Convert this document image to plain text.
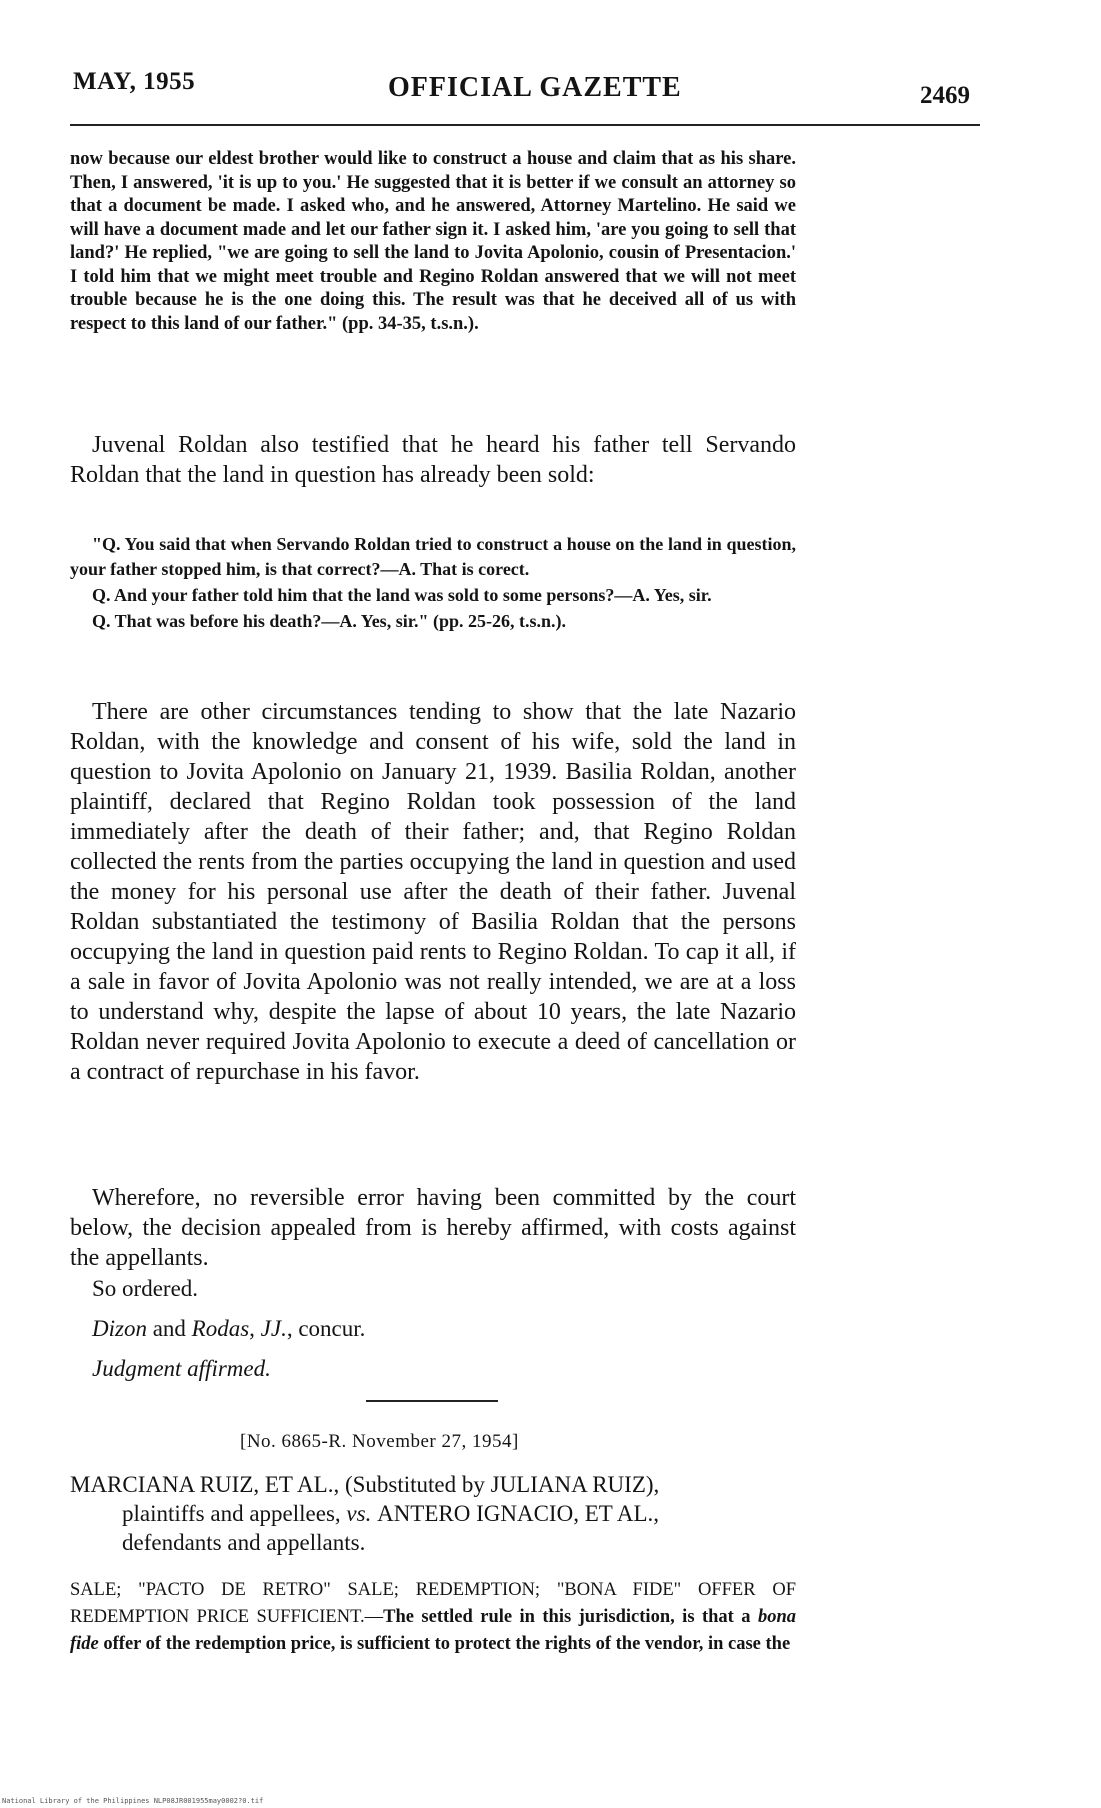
MAY, 1955	OFFICIAL GAZETTE	2469
now because our eldest brother would like to construct a house and claim that as his share. Then, I answered, 'it is up to you.' He suggested that it is better if we consult an attorney so that a document be made. I asked who, and he answered, Attorney Martelino. He said we will have a document made and let our father sign it. I asked him, 'are you going to sell that land?' He replied, "we are going to sell the land to Jovita Apolonio, cousin of Presentacion.' I told him that we might meet trouble and Regino Roldan answered that we will not meet trouble because he is the one doing this. The result was that he deceived all of us with respect to this land of our father." (pp. 34-35, t.s.n.).

Juvenal Roldan also testified that he heard his father tell Servando Roldan that the land in question has already been sold:

"Q. You said that when Servando Roldan tried to construct a house on the land in question, your father stopped him, is that correct?—A. That is corect.

Q. And your father told him that the land was sold to some persons?—A. Yes, sir.

Q. That was before his death?—A. Yes, sir." (pp. 25-26, t.s.n.).

There are other circumstances tending to show that the late Nazario Roldan, with the knowledge and consent of his wife, sold the land in question to Jovita Apolonio on January 21, 1939. Basilia Roldan, another plaintiff, declared that Regino Roldan took possession of the land immediately after the death of their father; and, that Regino Roldan collected the rents from the parties occupying the land in question and used the money for his personal use after the death of their father. Juvenal Roldan substantiated the testimony of Basilia Roldan that the persons occupying the land in question paid rents to Regino Roldan. To cap it all, if a sale in favor of Jovita Apolonio was not really intended, we are at a loss to understand why, despite the lapse of about 10 years, the late Nazario Roldan never required Jovita Apolonio to execute a deed of cancellation or a contract of repurchase in his favor.

Wherefore, no reversible error having been committed by the court below, the decision appealed from is hereby affirmed, with costs against the appellants.

So ordered.

Dizon and Rodas, JJ., concur.

Judgment affirmed.

[No. 6865-R. November 27, 1954]
MARCIANA RUIZ, ET AL., (Substituted by JULIANA RUIZ),
plaintiffs and appellees, vs. ANTERO IGNACIO, ET AL.,
defendants and appellants.
SALE; "PACTO DE RETRO" SALE; REDEMPTION; "BONA FIDE" OFFER OF REDEMPTION PRICE SUFFICIENT.—The settled rule in this jurisdiction, is that a bona fide offer of the redemption price, is sufficient to protect the rights of the vendor, in case the
National Library of the Philippines NLP08JR001955may0002?0.tif
